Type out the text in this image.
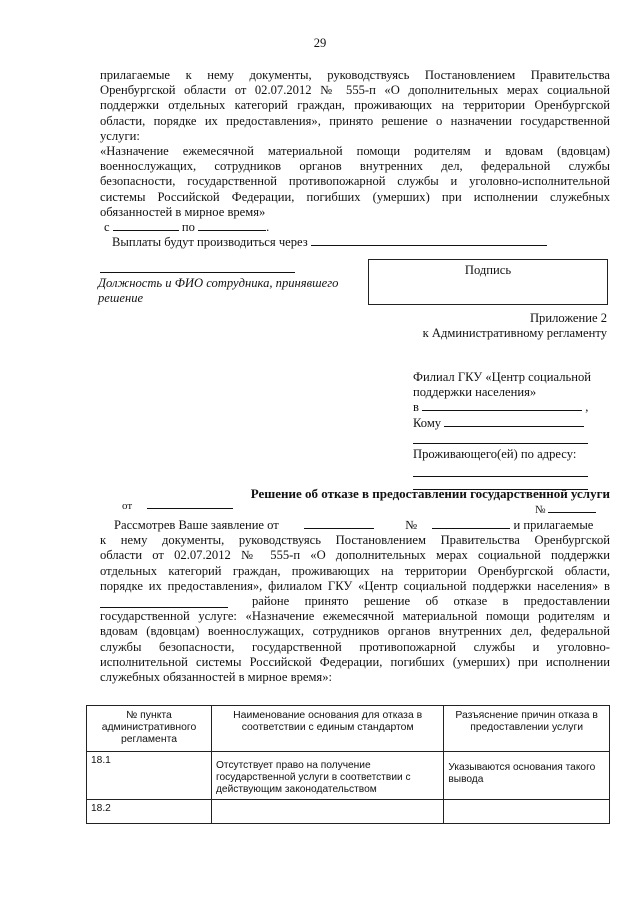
29
прилагаемые к нему документы, руководствуясь Постановлением Правительства
Оренбургской области от 02.07.2012 № 555-п «О дополнительных мерах социальной
поддержки отдельных категорий граждан, проживающих на территории Оренбургской
области, порядке их предоставления», принято решение о назначении государственной
услуги:
«Назначение ежемесячной материальной помощи родителям и вдовам (вдовцам)
военнослужащих, сотрудников органов внутренних дел, федеральной службы
безопасности, государственной противопожарной службы и уголовно-исполнительной
системы Российской Федерации, погибших (умерших) при исполнении служебных
обязанностей в мирное время»
с	по	.
Выплаты будут производиться через
Должность и ФИО сотрудника, принявшего
решение
Подпись
Приложение 2
к Административному регламенту
Филиал ГКУ «Центр социальной
поддержки населения»
в	,
Кому
Проживающего(ей) по адресу:
Решение об отказе в предоставлении государственной услуги
от	№
Рассмотрев Ваше заявление от	№	и прилагаемые
к нему документы, руководствуясь Постановлением Правительства Оренбургской
области от 02.07.2012 № 555-п «О дополнительных мерах социальной поддержки
отдельных категорий граждан, проживающих на территории Оренбургской области,
порядке их предоставления», филиалом ГКУ «Центр социальной поддержки населения» в
районе принято решение об отказе в предоставлении
государственной услуге: «Назначение ежемесячной материальной помощи родителям и
вдовам (вдовцам) военнослужащих, сотрудников органов внутренних дел, федеральной
службы безопасности, государственной противопожарной службы и уголовно-
исполнительной системы Российской Федерации, погибших (умерших) при исполнении
служебных обязанностей в мирное время»:
№ пункта административного регламента	Наименование основания для отказа в соответствии с единым стандартом	Разъяснение причин отказа в предоставлении услуги
18.1	Отсутствует право на получение государственной услуги в соответствии с действующим законодательством	Указываются основания такого вывода
18.2		
